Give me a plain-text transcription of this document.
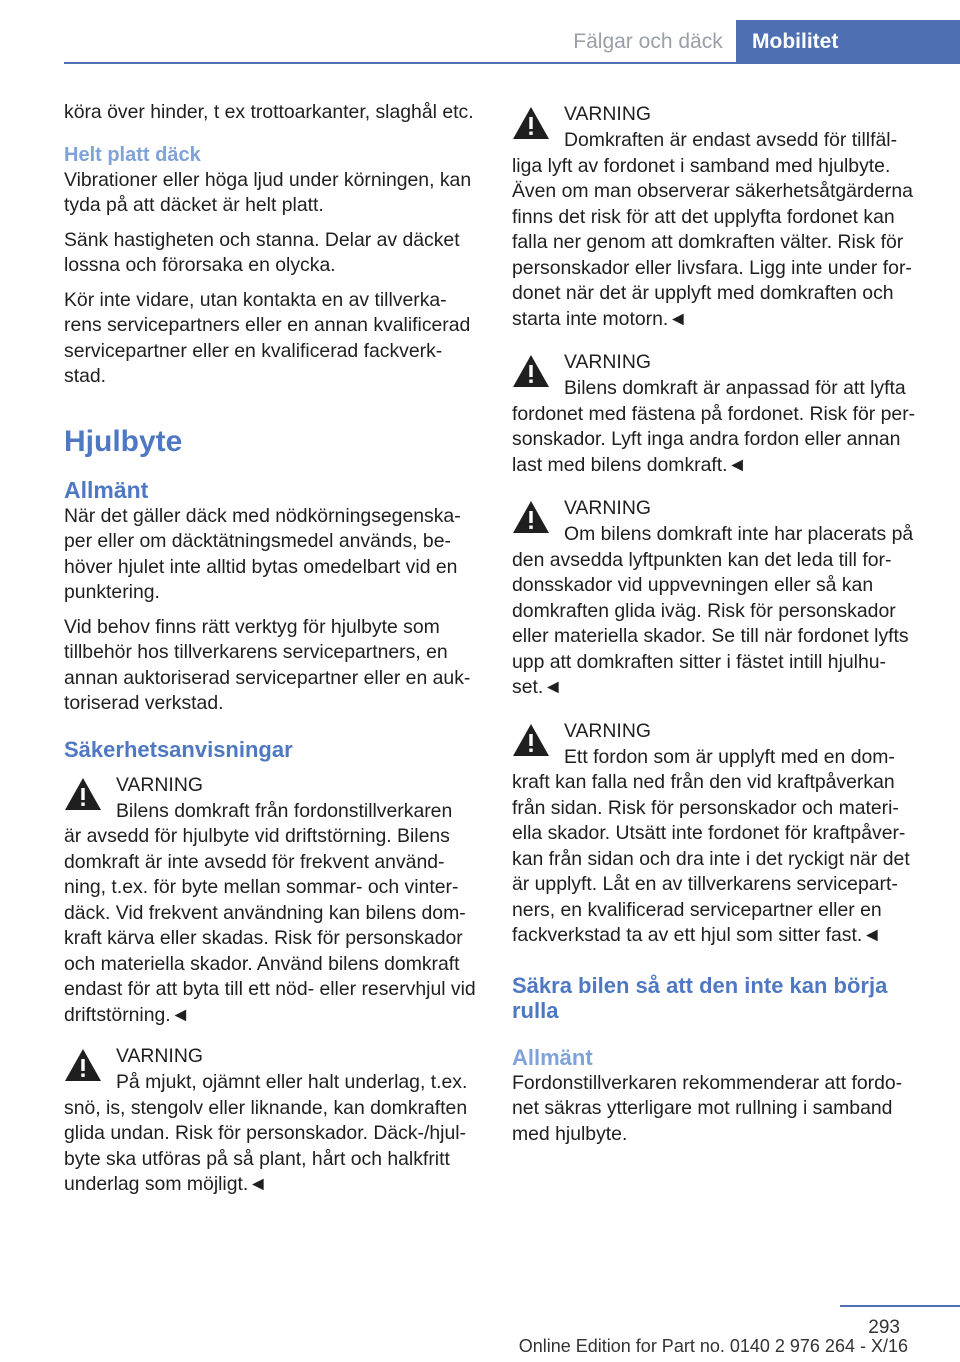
Fälgar och däck	Mobilitet

köra över hinder, t ex trottoarkanter, slaghål etc.

Helt platt däck

Vibrationer eller höga ljud under körningen, kan tyda på att däcket är helt platt.

Sänk hastigheten och stanna. Delar av däcket lossna och förorsaka en olycka.

Kör inte vidare, utan kontakta en av tillverka-rens servicepartners eller en annan kvalificerad servicepartner eller en kvalificerad fackverk-stad.

Hjulbyte
Allmänt

När det gäller däck med nödkörningsegenska-per eller om däcktätningsmedel används, be-höver hjulet inte alltid bytas omedelbart vid en punktering.

Vid behov finns rätt verktyg för hjulbyte som tillbehör hos tillverkarens servicepartners, en annan auktoriserad servicepartner eller en auk-toriserad verkstad.

Säkerhetsanvisningar
VARNING
Bilens domkraft från fordonstillverkaren
är avsedd för hjulbyte vid driftstörning. Bilens domkraft är inte avsedd för frekvent använd-ning, t.ex. för byte mellan sommar- och vinter-däck. Vid frekvent användning kan bilens dom-kraft kärva eller skadas. Risk för personskador och materiella skador. Använd bilens domkraft endast för att byta till ett nöd- eller reservhjul vid driftstörning.◄
VARNING
På mjukt, ojämnt eller halt underlag, t.ex.
snö, is, stengolv eller liknande, kan domkraften glida undan. Risk för personskador. Däck-/hjul-byte ska utföras på så plant, hårt och halkfritt underlag som möjligt.◄
VARNING
Domkraften är endast avsedd för tillfäl-
liga lyft av fordonet i samband med hjulbyte. Även om man observerar säkerhetsåtgärderna finns det risk för att det upplyfta fordonet kan falla ner genom att domkraften välter. Risk för personskador eller livsfara. Ligg inte under for-donet när det är upplyft med domkraften och starta inte motorn.◄
VARNING
Bilens domkraft är anpassad för att lyfta
fordonet med fästena på fordonet. Risk för per-sonskador. Lyft inga andra fordon eller annan last med bilens domkraft.◄
VARNING
Om bilens domkraft inte har placerats på
den avsedda lyftpunkten kan det leda till for-donsskador vid uppvevningen eller så kan domkraften glida iväg. Risk för personskador eller materiella skador. Se till när fordonet lyfts upp att domkraften sitter i fästet intill hjulhu-set.◄
VARNING
Ett fordon som är upplyft med en dom-
kraft kan falla ned från den vid kraftpåverkan från sidan. Risk för personskador och materi-ella skador. Utsätt inte fordonet för kraftpåver-kan från sidan och dra inte i det ryckigt när det är upplyft. Låt en av tillverkarens servicepart-ners, en kvalificerad servicepartner eller en fackverkstad ta av ett hjul som sitter fast.◄
Säkra bilen så att den inte kan börja rulla
Allmänt

Fordonstillverkaren rekommenderar att fordo-net säkras ytterligare mot rullning i samband med hjulbyte.

293
Online Edition for Part no. 0140 2 976 264 - X/16
